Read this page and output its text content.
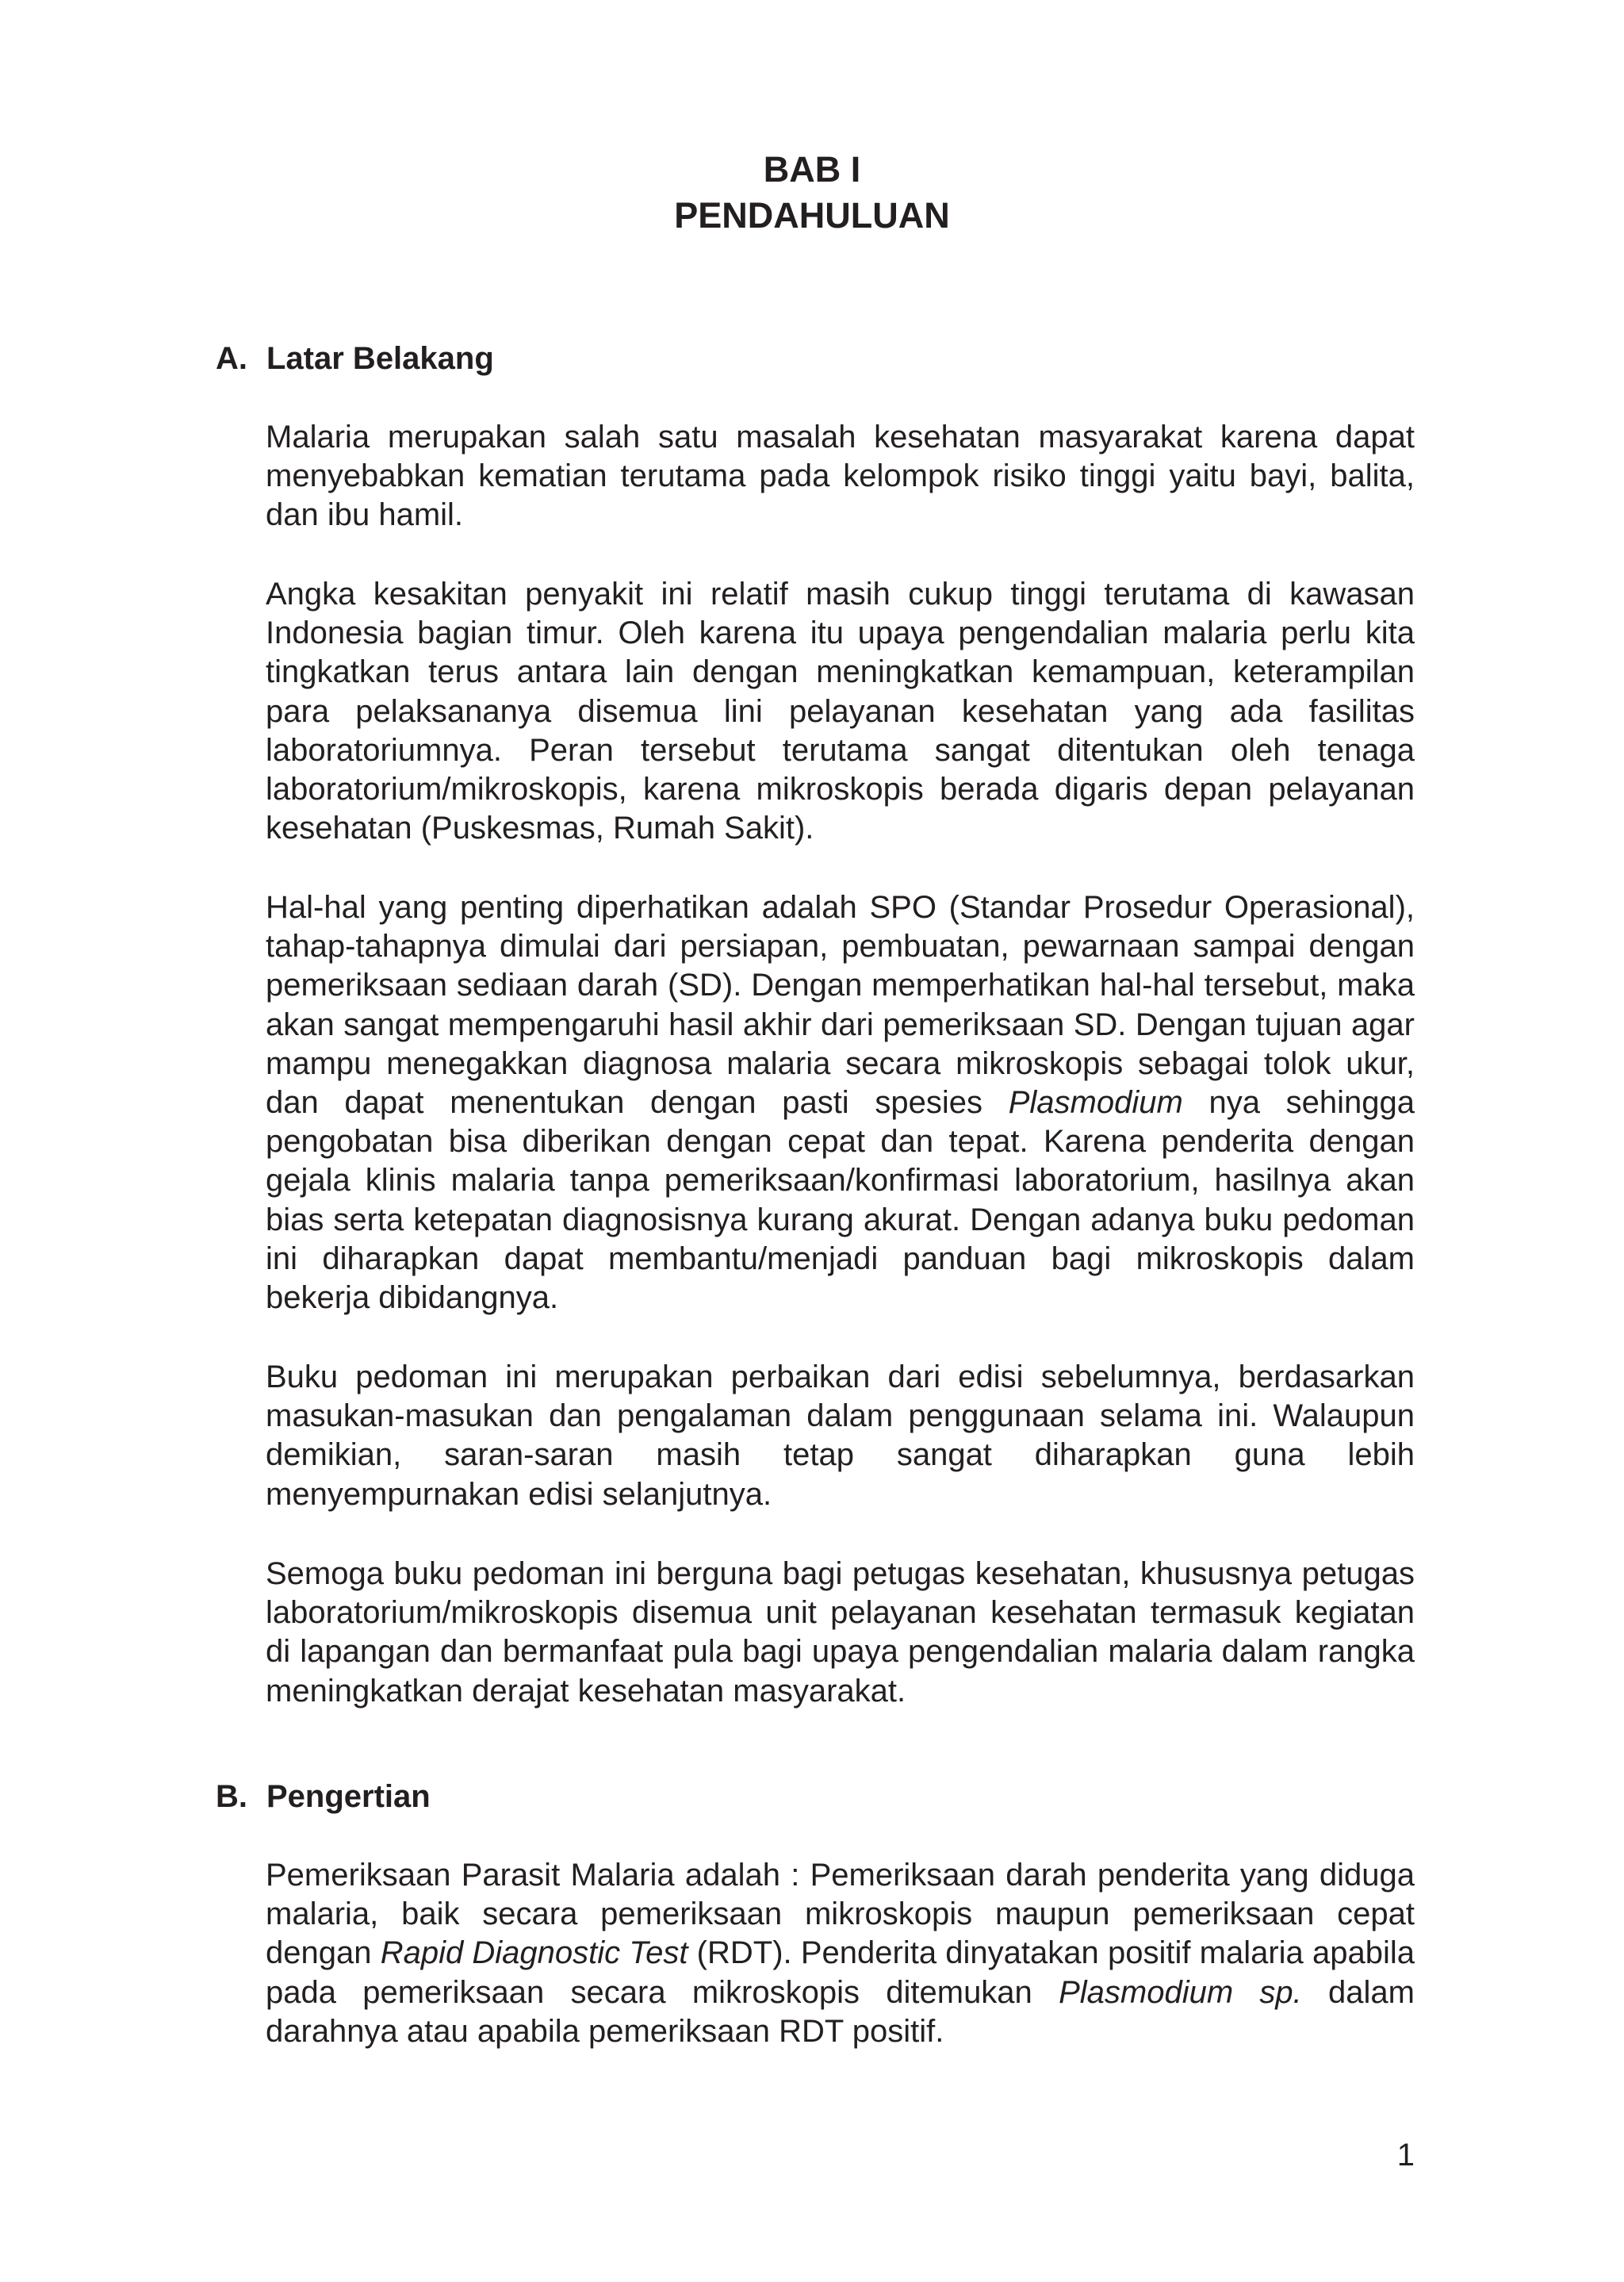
BAB I
PENDAHULUAN
A. Latar Belakang

Malaria merupakan salah satu masalah kesehatan masyarakat karena dapat menyebabkan kematian terutama pada kelompok risiko tinggi yaitu bayi, balita, dan ibu hamil.

Angka kesakitan penyakit ini relatif masih cukup tinggi terutama di kawasan Indonesia bagian timur. Oleh karena itu upaya pengendalian malaria perlu kita tingkatkan terus antara lain dengan meningkatkan kemampuan, keterampilan para pelaksananya disemua lini pelayanan kesehatan yang ada fasilitas laboratoriumnya. Peran tersebut terutama sangat ditentukan oleh tenaga laboratorium/mikroskopis, karena mikroskopis berada digaris depan pelayanan kesehatan (Puskesmas, Rumah Sakit).

Hal-hal yang penting diperhatikan adalah SPO (Standar Prosedur Operasional), tahap-tahapnya dimulai dari persiapan, pembuatan, pewarnaan sampai dengan pemeriksaan sediaan darah (SD). Dengan memperhatikan hal-hal tersebut, maka akan sangat mempengaruhi hasil akhir dari pemeriksaan SD. Dengan tujuan agar mampu menegakkan diagnosa malaria secara mikroskopis sebagai tolok ukur, dan dapat menentukan dengan pasti spesies Plasmodium nya sehingga pengobatan bisa diberikan dengan cepat dan tepat. Karena penderita dengan gejala klinis malaria tanpa pemeriksaan/konfirmasi laboratorium, hasilnya akan bias serta ketepatan diagnosisnya kurang akurat. Dengan adanya buku pedoman ini diharapkan dapat membantu/menjadi panduan bagi mikroskopis dalam bekerja dibidangnya.

Buku pedoman ini merupakan perbaikan dari edisi sebelumnya, berdasarkan masukan-masukan dan pengalaman dalam penggunaan selama ini. Walaupun demikian, saran-saran masih tetap sangat diharapkan guna lebih menyempurnakan edisi selanjutnya.

Semoga buku pedoman ini berguna bagi petugas kesehatan, khususnya petugas laboratorium/mikroskopis disemua unit pelayanan kesehatan termasuk kegiatan di lapangan dan bermanfaat pula bagi upaya pengendalian malaria dalam rangka meningkatkan derajat kesehatan masyarakat.

B. Pengertian

Pemeriksaan Parasit Malaria adalah : Pemeriksaan darah penderita yang diduga malaria, baik secara pemeriksaan mikroskopis maupun pemeriksaan cepat dengan Rapid Diagnostic Test (RDT). Penderita dinyatakan positif malaria apabila pada pemeriksaan secara mikroskopis ditemukan Plasmodium sp. dalam darahnya atau apabila pemeriksaan RDT positif.

1
